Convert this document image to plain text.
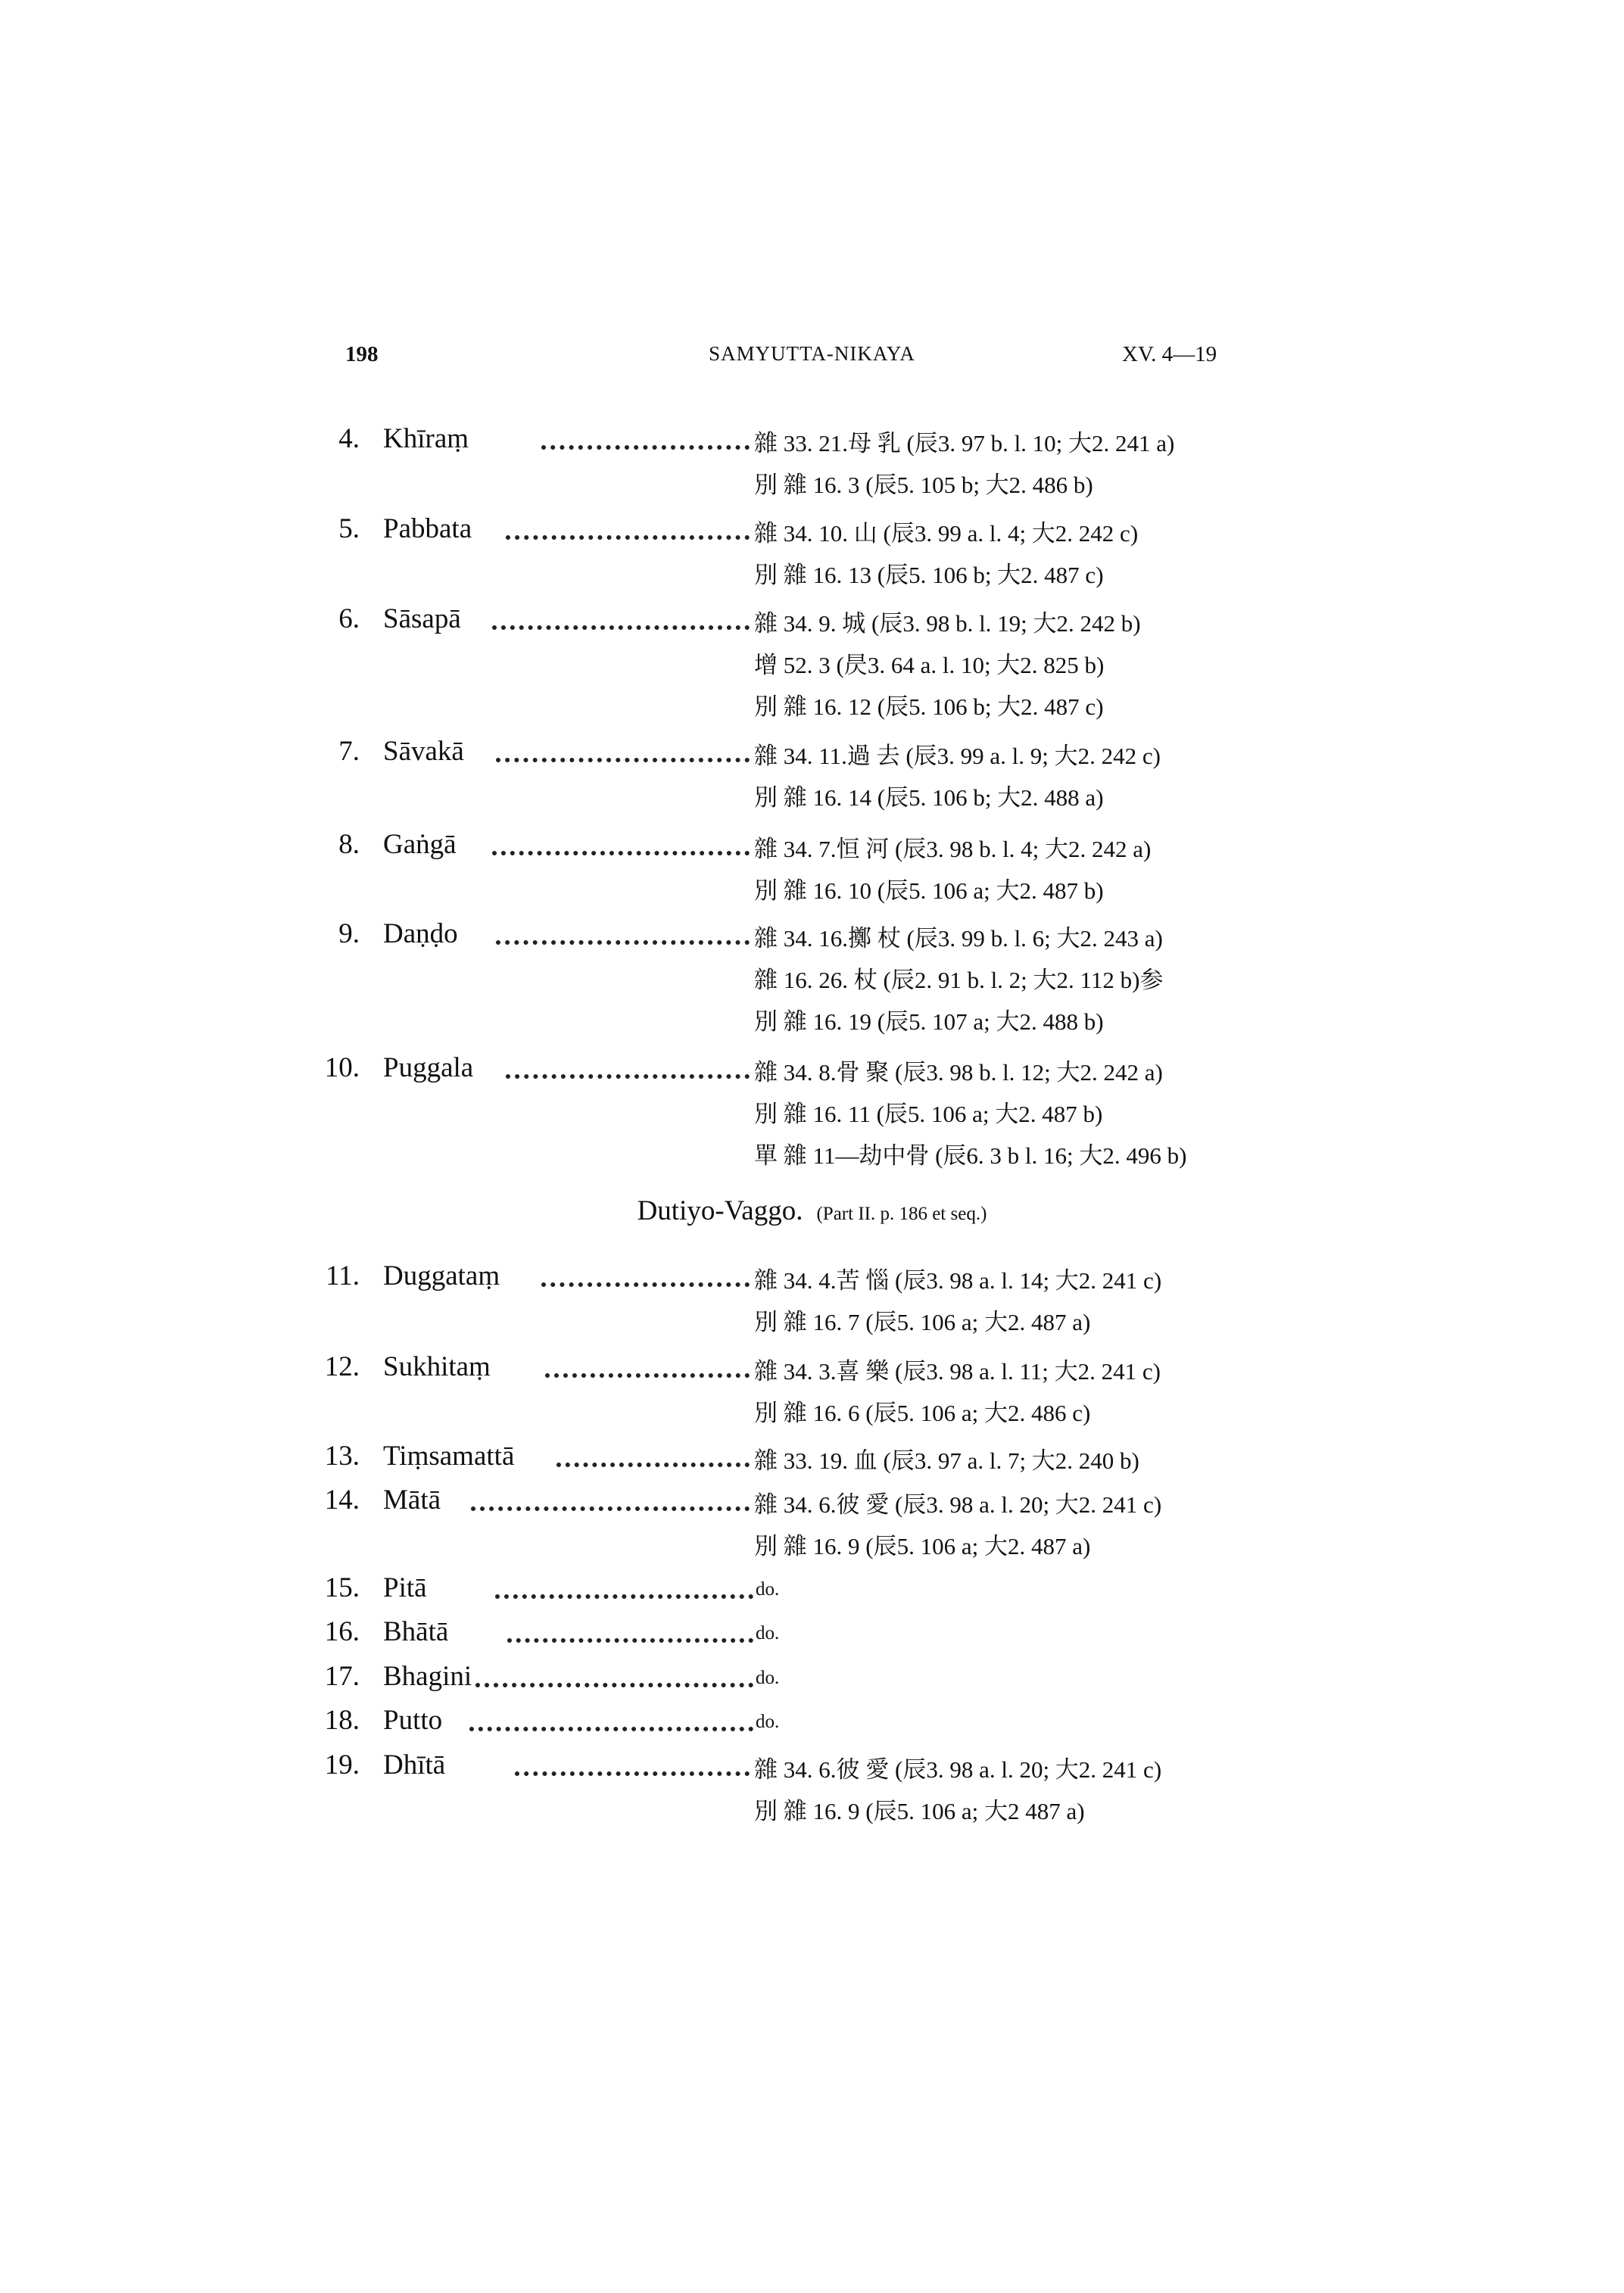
198	SAMYUTTA-NIKAYA	XV. 4—19
Dutiyo-Vaggo. (Part II. p. 186 et seq.)
4. Khīraṃ	雜 33. 21.母 乳 (辰3. 97 b. l. 10; 大2. 241 a)
別 雜 16. 3 (辰5. 105 b; 大2. 486 b)
5. Pabbata	雜 34. 10. 山 (辰3. 99 a. l. 4; 大2. 242 c)
別 雜 16. 13 (辰5. 106 b; 大2. 487 c)
6. Sāsapā	雜 34. 9. 城 (辰3. 98 b. l. 19; 大2. 242 b)
增 52. 3 (昃3. 64 a. l. 10; 大2. 825 b)
別 雜 16. 12 (辰5. 106 b; 大2. 487 c)
7. Sāvakā	雜 34. 11.過 去 (辰3. 99 a. l. 9; 大2. 242 c)
別 雜 16. 14 (辰5. 106 b; 大2. 488 a)
8. Gaṅgā	雜 34. 7.恒 河 (辰3. 98 b. l. 4; 大2. 242 a)
別 雜 16. 10 (辰5. 106 a; 大2. 487 b)
9. Daṇḍo	雜 34. 16.擲 杖 (辰3. 99 b. l. 6; 大2. 243 a)
雜 16. 26. 杖 (辰2. 91 b. l. 2; 大2. 112 b)参
別 雜 16. 19 (辰5. 107 a; 大2. 488 b)
10. Puggala	雜 34. 8.骨 聚 (辰3. 98 b. l. 12; 大2. 242 a)
別 雜 16. 11 (辰5. 106 a; 大2. 487 b)
單 雜 11—劫中骨 (辰6. 3 b l. 16; 大2. 496 b)
11. Duggataṃ	雜 34. 4.苦 惱 (辰3. 98 a. l. 14; 大2. 241 c)
別 雜 16. 7 (辰5. 106 a; 大2. 487 a)
12. Sukhitaṃ	雜 34. 3.喜 樂 (辰3. 98 a. l. 11; 大2. 241 c)
別 雜 16. 6 (辰5. 106 a; 大2. 486 c)
13. Tiṃsamattā	雜 33. 19. 血 (辰3. 97 a. l. 7; 大2. 240 b)
14. Mātā	雜 34. 6.彼 愛 (辰3. 98 a. l. 20; 大2. 241 c)
別 雜 16. 9 (辰5. 106 a; 大2. 487 a)
15. Pitā	do.
16. Bhātā	do.
17. Bhagini	do.
18. Putto	do.
19. Dhītā	雜 34. 6.彼 愛 (辰3. 98 a. l. 20; 大2. 241 c)
別 雜 16. 9 (辰5. 106 a; 大2 487 a)
